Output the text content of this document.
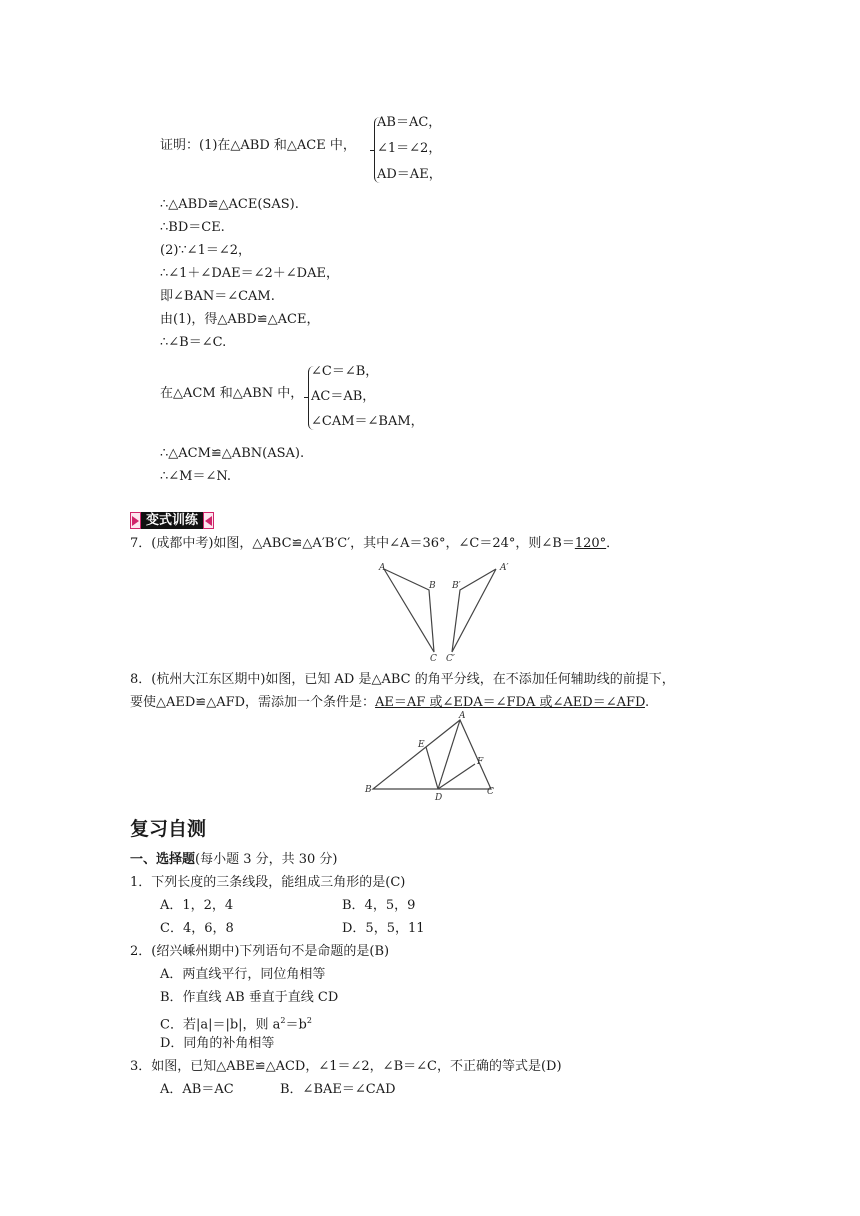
证明：(1)在△ABD 和△ACE 中，
AB＝AC，
∠1＝∠2，
AD＝AE，
∴△ABD≌△ACE(SAS).
∴BD＝CE.
(2)∵∠1＝∠2，
∴∠1＋∠DAE＝∠2＋∠DAE，
即∠BAN＝∠CAM.
由(1)，得△ABD≌△ACE，
∴∠B＝∠C.
在△ACM 和△ABN 中，
∠C＝∠B，
AC＝AB，
∠CAM＝∠BAM，
∴△ACM≌△ABN(ASA).
∴∠M＝∠N.
变式训练
7．(成都中考)如图，△ABC≌△A′B′C′，其中∠A＝36°，∠C＝24°，则∠B＝120°．
A
B B′
A′
C C′
8．(杭州大江东区期中)如图，已知 AD 是△ABC 的角平分线，在不添加任何辅助线的前提下，
要使△AED≌△AFD，需添加一个条件是：AE＝AF 或∠EDA＝∠FDA 或∠AED＝∠AFD.
A
E
F
B
D
C
复习自测
一、选择题(每小题 3 分，共 30 分)
1．下列长度的三条线段，能组成三角形的是(C)
A．1，2，4	B．4，5，9
C．4，6，8	D．5，5，11
2．(绍兴嵊州期中)下列语句不是命题的是(B)
A．两直线平行，同位角相等
B．作直线 AB 垂直于直线 CD
C．若|a|＝|b|，则 $a^2=b^2$
D．同角的补角相等
3．如图，已知△ABE≌△ACD，∠1＝∠2，∠B＝∠C，不正确的等式是(D)
A．AB＝AC	B．∠BAE＝∠CAD
